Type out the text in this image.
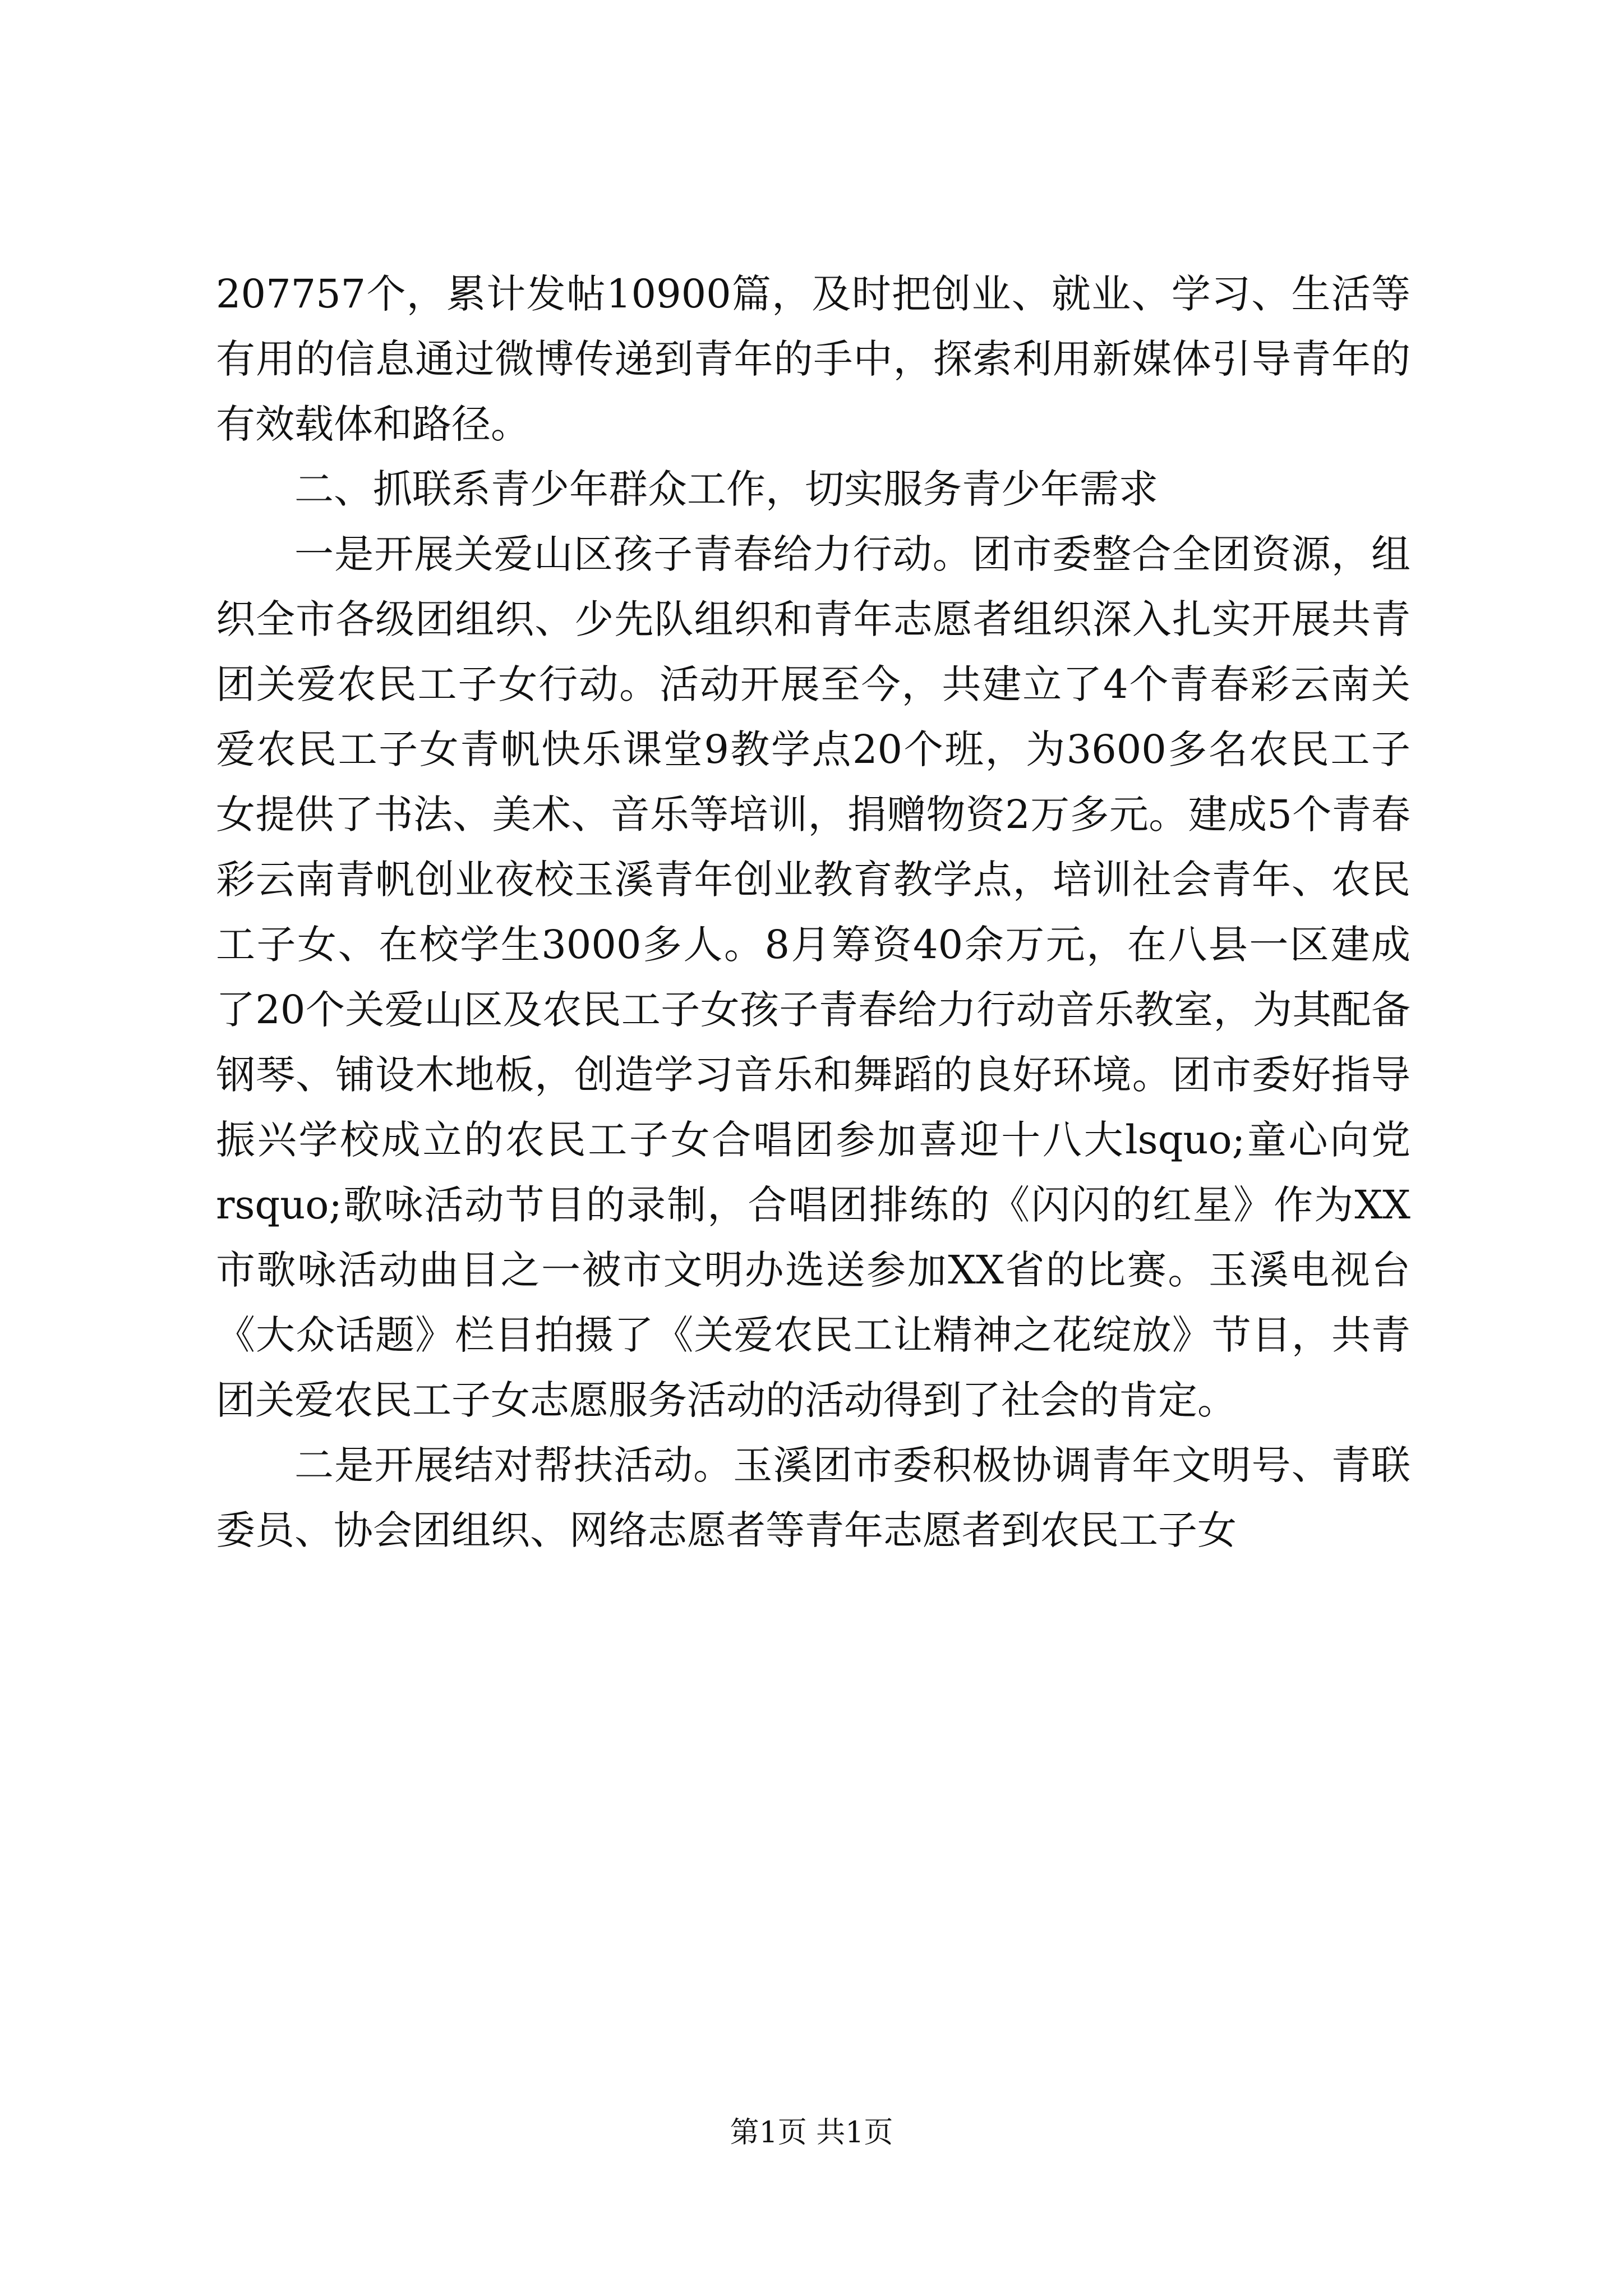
207757个，累计发帖10900篇，及时把创业、就业、学习、生活等有用的信息通过微博传递到青年的手中，探索利用新媒体引导青年的有效载体和路径。

二、抓联系青少年群众工作，切实服务青少年需求

一是开展关爱山区孩子青春给力行动。团市委整合全团资源，组织全市各级团组织、少先队组织和青年志愿者组织深入扎实开展共青团关爱农民工子女行动。活动开展至今，共建立了4个青春彩云南关爱农民工子女青帆快乐课堂9教学点20个班，为3600多名农民工子女提供了书法、美术、音乐等培训，捐赠物资2万多元。建成5个青春彩云南青帆创业夜校玉溪青年创业教育教学点，培训社会青年、农民工子女、在校学生3000多人。8月筹资40余万元，在八县一区建成了20个关爱山区及农民工子女孩子青春给力行动音乐教室，为其配备钢琴、铺设木地板，创造学习音乐和舞蹈的良好环境。团市委好指导振兴学校成立的农民工子女合唱团参加喜迎十八大lsquo;童心向党rsquo;歌咏活动节目的录制，合唱团排练的《闪闪的红星》作为XX市歌咏活动曲目之一被市文明办选送参加XX省的比赛。玉溪电视台《大众话题》栏目拍摄了《关爱农民工让精神之花绽放》节目，共青团关爱农民工子女志愿服务活动的活动得到了社会的肯定。

二是开展结对帮扶活动。玉溪团市委积极协调青年文明号、青联委员、协会团组织、网络志愿者等青年志愿者到农民工子女

第1页 共1页
